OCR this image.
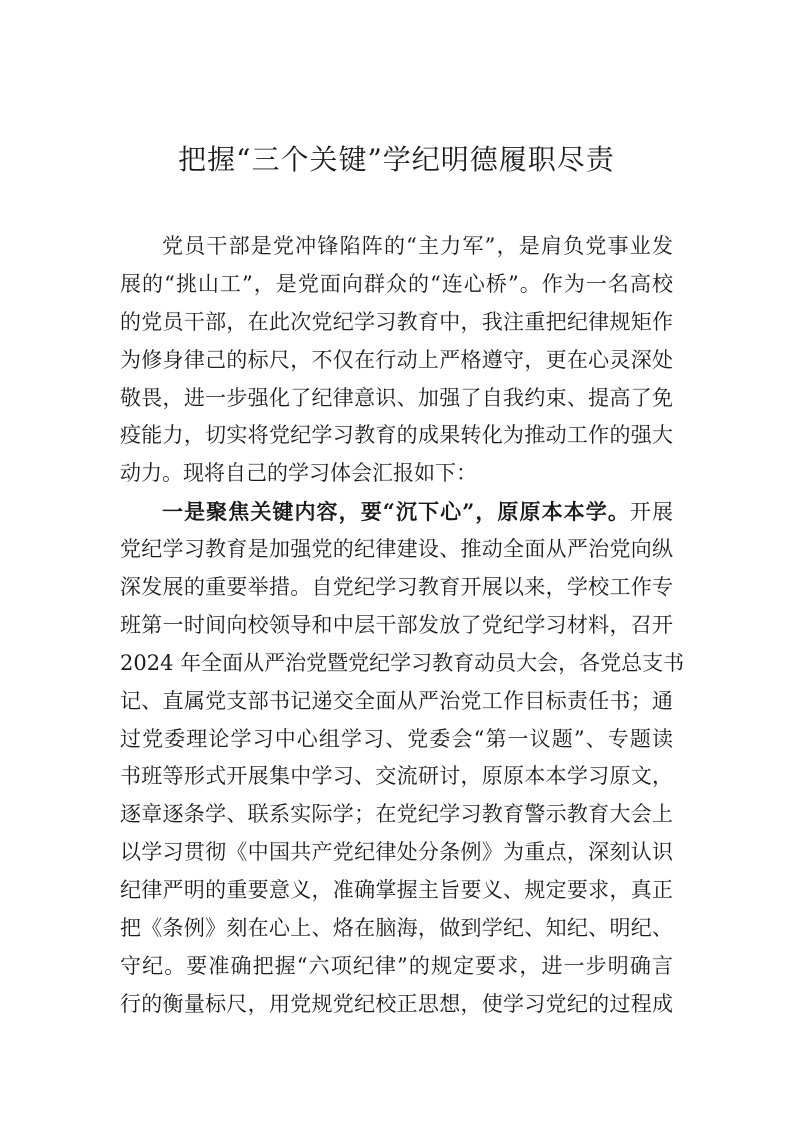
把握“三个关键”学纪明德履职尽责
党员干部是党冲锋陷阵的“主力军”，是肩负党事业发
展的“挑山工”，是党面向群众的“连心桥”。作为一名高校
的党员干部，在此次党纪学习教育中，我注重把纪律规矩作
为修身律己的标尺，不仅在行动上严格遵守，更在心灵深处
敬畏，进一步强化了纪律意识、加强了自我约束、提高了免
疫能力，切实将党纪学习教育的成果转化为推动工作的强大
动力。现将自己的学习体会汇报如下：
一是聚焦关键内容，要“沉下心”，原原本本学。开展
党纪学习教育是加强党的纪律建设、推动全面从严治党向纵
深发展的重要举措。自党纪学习教育开展以来，学校工作专
班第一时间向校领导和中层干部发放了党纪学习材料，召开
2024 年全面从严治党暨党纪学习教育动员大会，各党总支书
记、直属党支部书记递交全面从严治党工作目标责任书；通
过党委理论学习中心组学习、党委会“第一议题”、专题读
书班等形式开展集中学习、交流研讨，原原本本学习原文，
逐章逐条学、联系实际学；在党纪学习教育警示教育大会上
以学习贯彻《中国共产党纪律处分条例》为重点，深刻认识
纪律严明的重要意义，准确掌握主旨要义、规定要求，真正
把《条例》刻在心上、烙在脑海，做到学纪、知纪、明纪、
守纪。要准确把握“六项纪律”的规定要求，进一步明确言
行的衡量标尺，用党规党纪校正思想，使学习党纪的过程成
